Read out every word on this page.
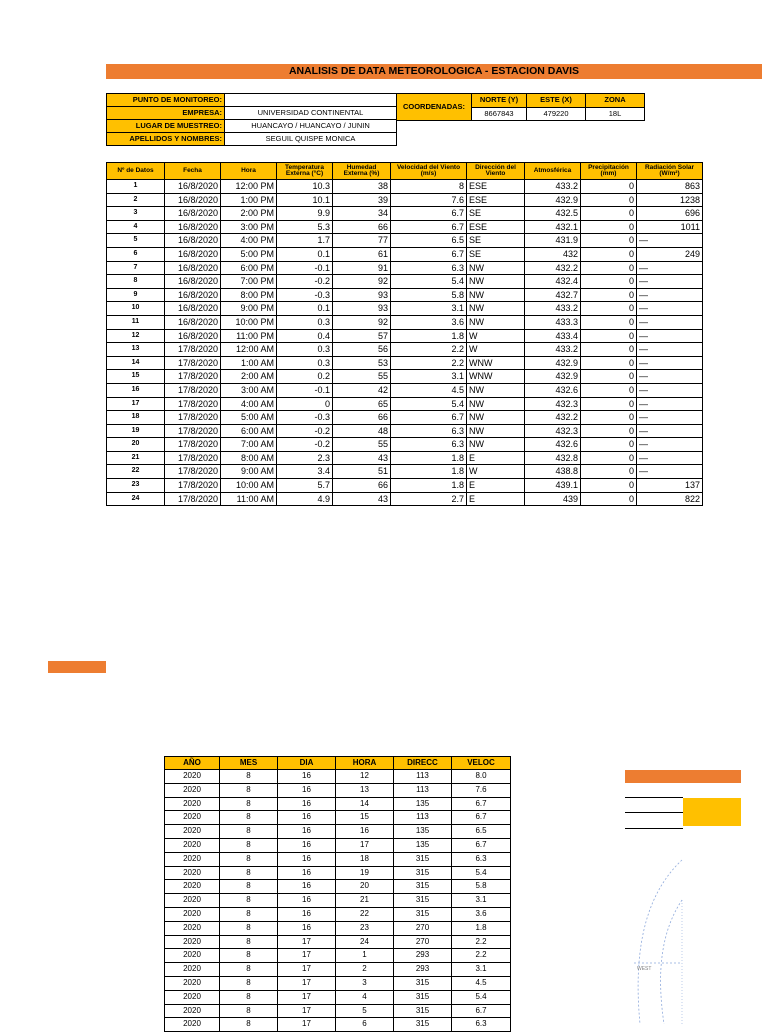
ANALISIS DE DATA METEOROLOGICA - ESTACION DAVIS
PUNTO DE MONITOREO:	
EMPRESA:	UNIVERSIDAD CONTINENTAL
LUGAR DE MUESTREO:	HUANCAYO / HUANCAYO / JUNIN
APELLIDOS Y NOMBRES:	SEGUIL QUISPE MONICA
COORDENADAS:	NORTE (Y)	ESTE (X)	ZONA
	8667843	479220	18L
Nº de Datos	Fecha	Hora	Temperatura Externa (°C)	Humedad Externa (%)	Velocidad del Viento (m/s)	Dirección del Viento	Atmosférica	Precipitación (mm)	Radiación Solar (W/m²)
1	16/8/2020	12:00 PM	10.3	38	8	ESE	433.2	0	863
2	16/8/2020	1:00 PM	10.1	39	7.6	ESE	432.9	0	1238
3	16/8/2020	2:00 PM	9.9	34	6.7	SE	432.5	0	696
4	16/8/2020	3:00 PM	5.3	66	6.7	ESE	432.1	0	1011
5	16/8/2020	4:00 PM	1.7	77	6.5	SE	431.9	0	—
6	16/8/2020	5:00 PM	0.1	61	6.7	SE	432	0	249
7	16/8/2020	6:00 PM	-0.1	91	6.3	NW	432.2	0	—
8	16/8/2020	7:00 PM	-0.2	92	5.4	NW	432.4	0	—
9	16/8/2020	8:00 PM	-0.3	93	5.8	NW	432.7	0	—
10	16/8/2020	9:00 PM	0.1	93	3.1	NW	433.2	0	—
11	16/8/2020	10:00 PM	0.3	92	3.6	NW	433.3	0	—
12	16/8/2020	11:00 PM	0.4	57	1.8	W	433.4	0	—
13	17/8/2020	12:00 AM	0.3	56	2.2	W	433.2	0	—
14	17/8/2020	1:00 AM	0.3	53	2.2	WNW	432.9	0	—
15	17/8/2020	2:00 AM	0.2	55	3.1	WNW	432.9	0	—
16	17/8/2020	3:00 AM	-0.1	42	4.5	NW	432.6	0	—
17	17/8/2020	4:00 AM	0	65	5.4	NW	432.3	0	—
18	17/8/2020	5:00 AM	-0.3	66	6.7	NW	432.2	0	—
19	17/8/2020	6:00 AM	-0.2	48	6.3	NW	432.3	0	—
20	17/8/2020	7:00 AM	-0.2	55	6.3	NW	432.6	0	—
21	17/8/2020	8:00 AM	2.3	43	1.8	E	432.8	0	—
22	17/8/2020	9:00 AM	3.4	51	1.8	W	438.8	0	—
23	17/8/2020	10:00 AM	5.7	66	1.8	E	439.1	0	137
24	17/8/2020	11:00 AM	4.9	43	2.7	E	439	0	822
AÑO	MES	DIA	HORA	DIRECC	VELOC
2020	8	16	12	113	8.0
2020	8	16	13	113	7.6
2020	8	16	14	135	6.7
2020	8	16	15	113	6.7
2020	8	16	16	135	6.5
2020	8	16	17	135	6.7
2020	8	16	18	315	6.3
2020	8	16	19	315	5.4
2020	8	16	20	315	5.8
2020	8	16	21	315	3.1
2020	8	16	22	315	3.6
2020	8	16	23	270	1.8
2020	8	17	24	270	2.2
2020	8	17	1	293	2.2
2020	8	17	2	293	3.1
2020	8	17	3	315	4.5
2020	8	17	4	315	5.4
2020	8	17	5	315	6.7
2020	8	17	6	315	6.3
WEST
